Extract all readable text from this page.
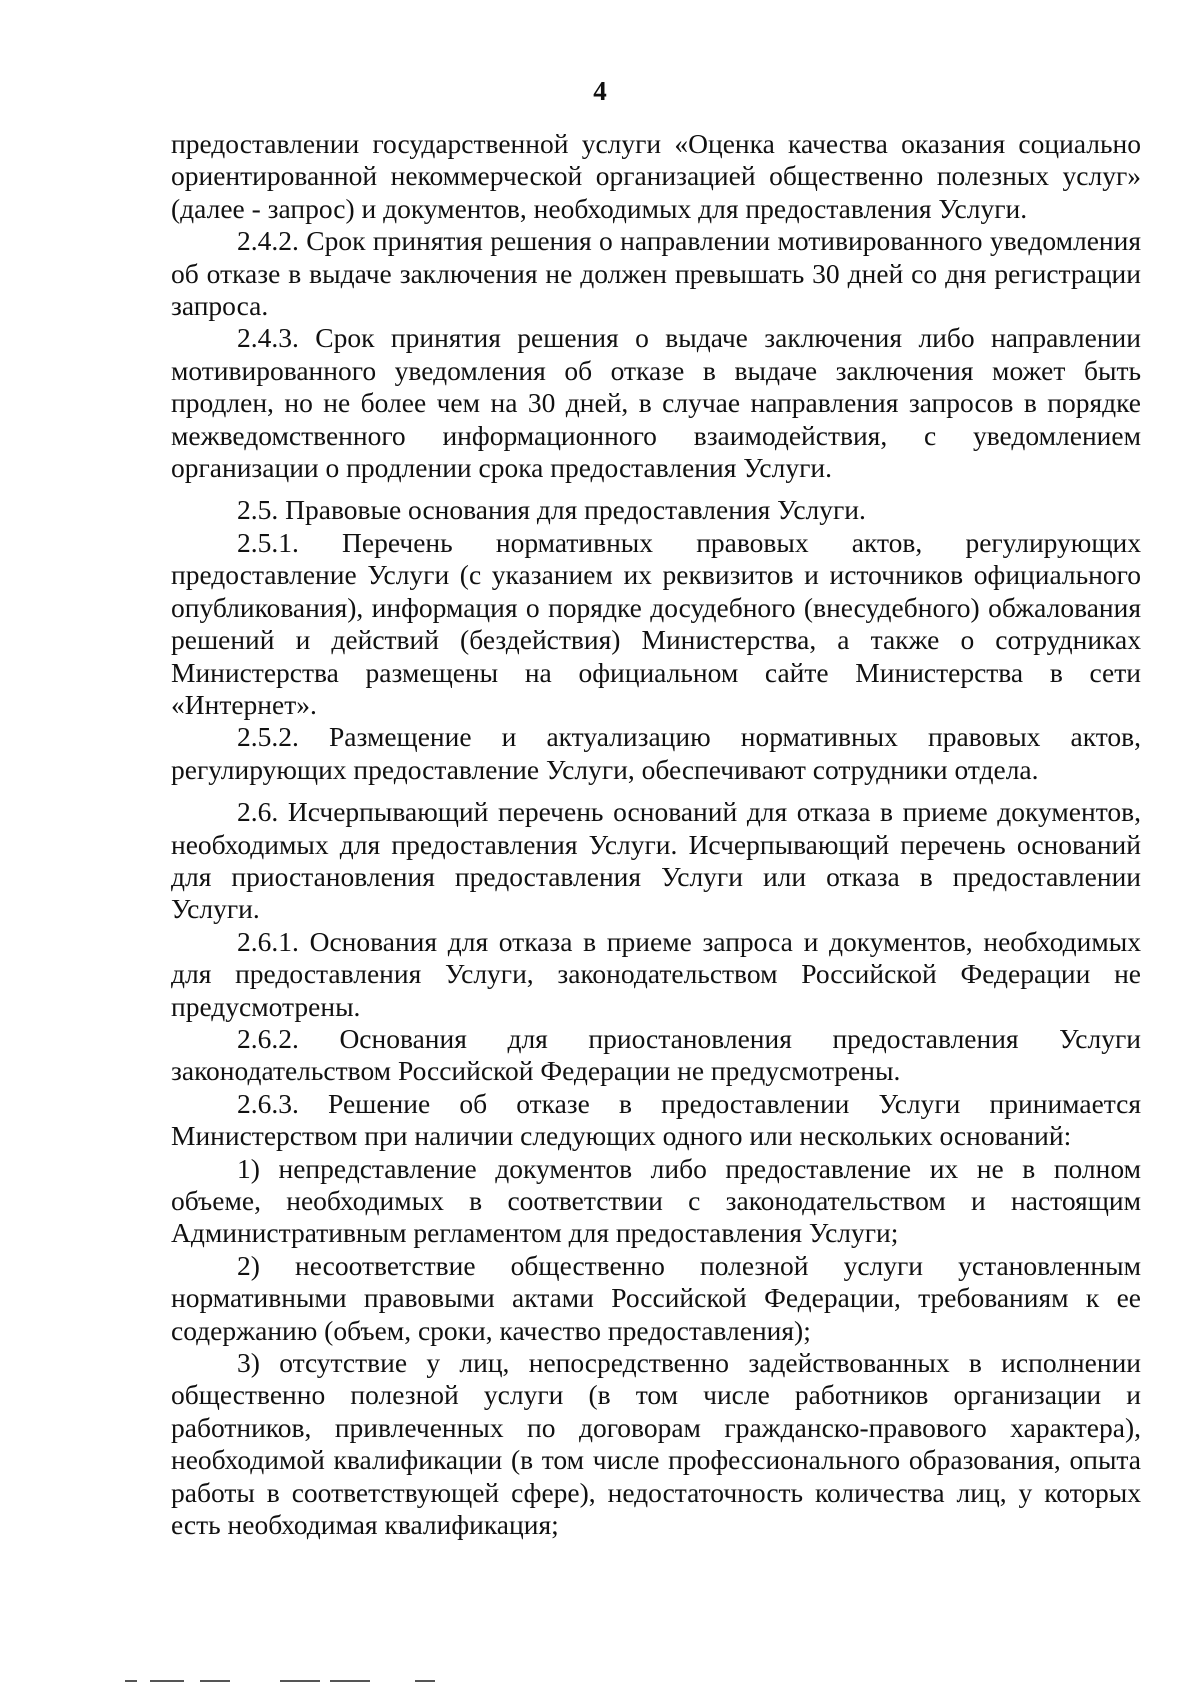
4

предоставлении государственной услуги «Оценка качества оказания социально ориентированной некоммерческой организацией общественно полезных услуг» (далее - запрос) и документов, необходимых для предоставления Услуги.

2.4.2. Срок принятия решения о направлении мотивированного уведомления об отказе в выдаче заключения не должен превышать 30 дней со дня регистрации запроса.

2.4.3. Срок принятия решения о выдаче заключения либо направлении мотивированного уведомления об отказе в выдаче заключения может быть продлен, но не более чем на 30 дней, в случае направления запросов в порядке межведомственного информационного взаимодействия, с уведомлением организации о продлении срока предоставления Услуги.

2.5. Правовые основания для предоставления Услуги.

2.5.1. Перечень нормативных правовых актов, регулирующих предоставление Услуги (с указанием их реквизитов и источников официального опубликования), информация о порядке досудебного (внесудебного) обжалования решений и действий (бездействия) Министерства, а также о сотрудниках Министерства размещены на официальном сайте Министерства в сети «Интернет».

2.5.2. Размещение и актуализацию нормативных правовых актов, регулирующих предоставление Услуги, обеспечивают сотрудники отдела.

2.6. Исчерпывающий перечень оснований для отказа в приеме документов, необходимых для предоставления Услуги. Исчерпывающий перечень оснований для приостановления предоставления Услуги или отказа в предоставлении Услуги.

2.6.1. Основания для отказа в приеме запроса и документов, необходимых для предоставления Услуги, законодательством Российской Федерации не предусмотрены.

2.6.2. Основания для приостановления предоставления Услуги законодательством Российской Федерации не предусмотрены.

2.6.3. Решение об отказе в предоставлении Услуги принимается Министерством при наличии следующих одного или нескольких оснований:

1) непредставление документов либо предоставление их не в полном объеме, необходимых в соответствии с законодательством и настоящим Административным регламентом для предоставления Услуги;

2) несоответствие общественно полезной услуги установленным нормативными правовыми актами Российской Федерации, требованиям к ее содержанию (объем, сроки, качество предоставления);

3) отсутствие у лиц, непосредственно задействованных в исполнении общественно полезной услуги (в том числе работников организации и работников, привлеченных по договорам гражданско-правового характера), необходимой квалификации (в том числе профессионального образования, опыта работы в соответствующей сфере), недостаточность количества лиц, у которых есть необходимая квалификация;
